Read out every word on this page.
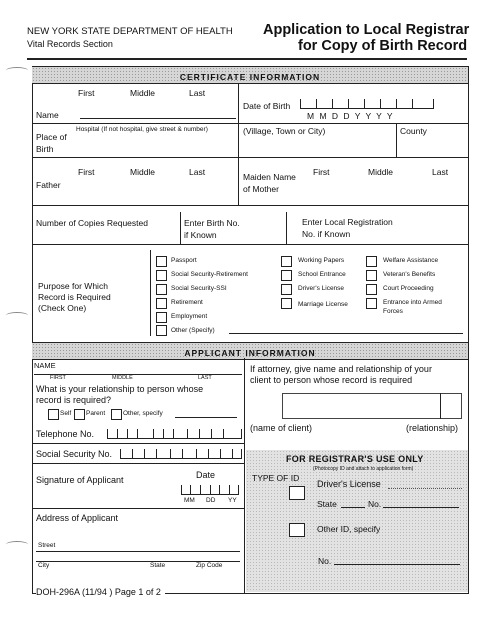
NEW YORK STATE DEPARTMENT OF HEALTH
Vital Records Section
Application to Local Registrar
for Copy of Birth Record
CERTIFICATE INFORMATION
First	Middle	Last
Name
Date of Birth
M M D D Y Y Y Y
Hospital (If not hospital, give street & number)
Place of
Birth
(Village, Town or City)	County
First	Middle	Last
Father
Maiden Name
of Mother
First	Middle	Last
Number of Copies Requested	Enter Birth No.
if Known
Enter Local Registration
No. if Known
Purpose for Which
Record is Required
(Check One)
Passport
Social Security-Retirement
Social Security-SSI
Retirement
Employment
Other (Specify)
Working Papers
School Entrance
Driver's License
Marriage License
Welfare Assistance
Veteran's Benefits
Court Proceeding
Entrance into Armed
Forces
APPLICANT INFORMATION
NAME
FIRST	MIDDLE	LAST
What is your relationship to person whose
record is required?
Self Parent	Other, specify
Telephone No.
Social Security No.
Signature of Applicant	Date
MM DD YY
Address of Applicant
Street
City	State	Zip Code
If attorney, give name and relationship of your
client to person whose record is required
(name of client)	(relationship)
FOR REGISTRAR'S USE ONLY
(Photocopy ID and attach to application form)
TYPE OF ID
Driver's License
State	No.
Other ID, specify
No.
DOH-296A (11/94 ) Page 1 of 2
